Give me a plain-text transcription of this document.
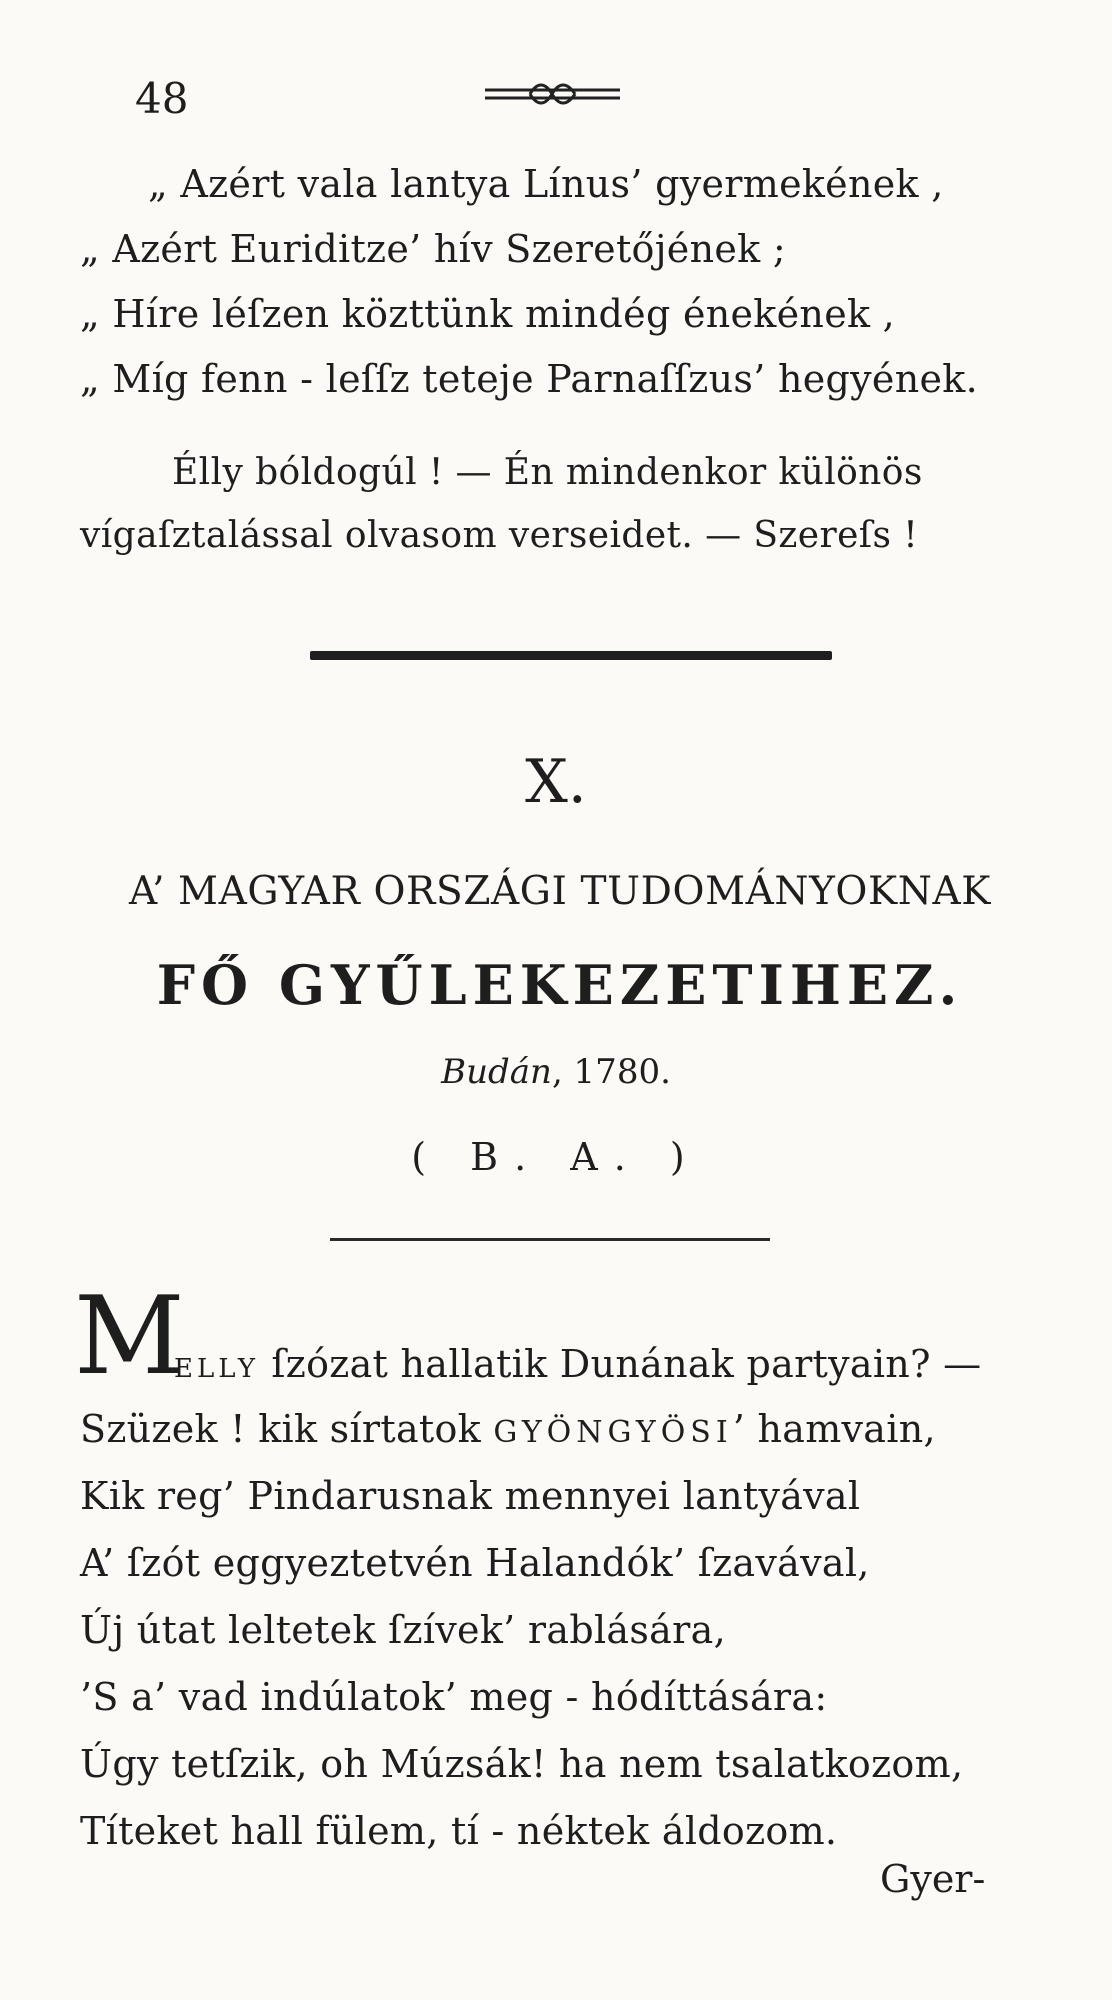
48
„ Azért vala lantya Línus’ gyermekének ,
„ Azért Euriditze’ hív Szeretőjének ;
„ Híre léſzen közttünk mindég énekének ,
„ Míg fenn - leſſz teteje Parnaſſzus’ hegyének.
Élly bóldogúl ! — Én mindenkor különös
vígaſztalással olvasom verseidet. — Szereſs !
X.
A’ MAGYAR ORSZÁGI TUDOMÁNYOKNAK
FŐ GYŰLEKEZETIHEZ.
Budán, 1780.
( B. A. )
M
ELLY ſzózat hallatik Dunának partyain? —
Szüzek ! kik sírtatok GYÖNGYÖSI’ hamvain,
Kik reg’ Pindarusnak mennyei lantyával
A’ ſzót eggyeztetvén Halandók’ ſzavával,
Új útat leltetek ſzívek’ rablására,
’S a’ vad indúlatok’ meg - hódíttására:
Úgy tetſzik, oh Múzsák! ha nem tsalatkozom,
Títeket hall fülem, tí - néktek áldozom.
Gyer-
